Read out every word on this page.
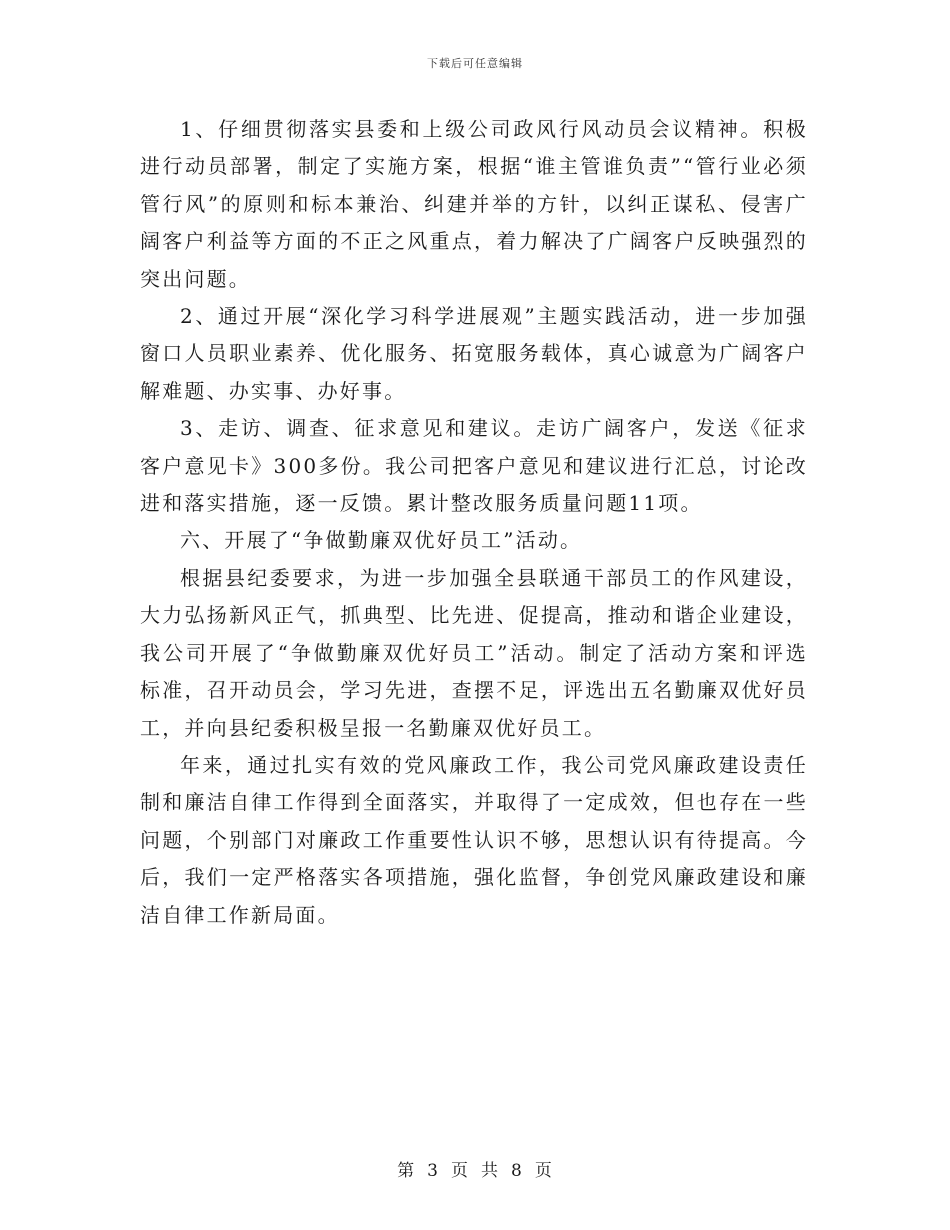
下载后可任意编辑

1、仔细贯彻落实县委和上级公司政风行风动员会议精神。积极进行动员部署，制定了实施方案，根据“谁主管谁负责”“管行业必须管行风”的原则和标本兼治、纠建并举的方针，以纠正谋私、侵害广阔客户利益等方面的不正之风重点，着力解决了广阔客户反映强烈的突出问题。

2、通过开展“深化学习科学进展观”主题实践活动，进一步加强窗口人员职业素养、优化服务、拓宽服务载体，真心诚意为广阔客户解难题、办实事、办好事。

3、走访、调查、征求意见和建议。走访广阔客户，发送《征求客户意见卡》300多份。我公司把客户意见和建议进行汇总，讨论改进和落实措施，逐一反馈。累计整改服务质量问题11项。

六、开展了“争做勤廉双优好员工”活动。

根据县纪委要求，为进一步加强全县联通干部员工的作风建设，大力弘扬新风正气，抓典型、比先进、促提高，推动和谐企业建设，我公司开展了“争做勤廉双优好员工”活动。制定了活动方案和评选标准，召开动员会，学习先进，查摆不足，评选出五名勤廉双优好员工，并向县纪委积极呈报一名勤廉双优好员工。

年来，通过扎实有效的党风廉政工作，我公司党风廉政建设责任制和廉洁自律工作得到全面落实，并取得了一定成效，但也存在一些问题，个别部门对廉政工作重要性认识不够，思想认识有待提高。今后，我们一定严格落实各项措施，强化监督，争创党风廉政建设和廉洁自律工作新局面。

第 3 页 共 8 页
